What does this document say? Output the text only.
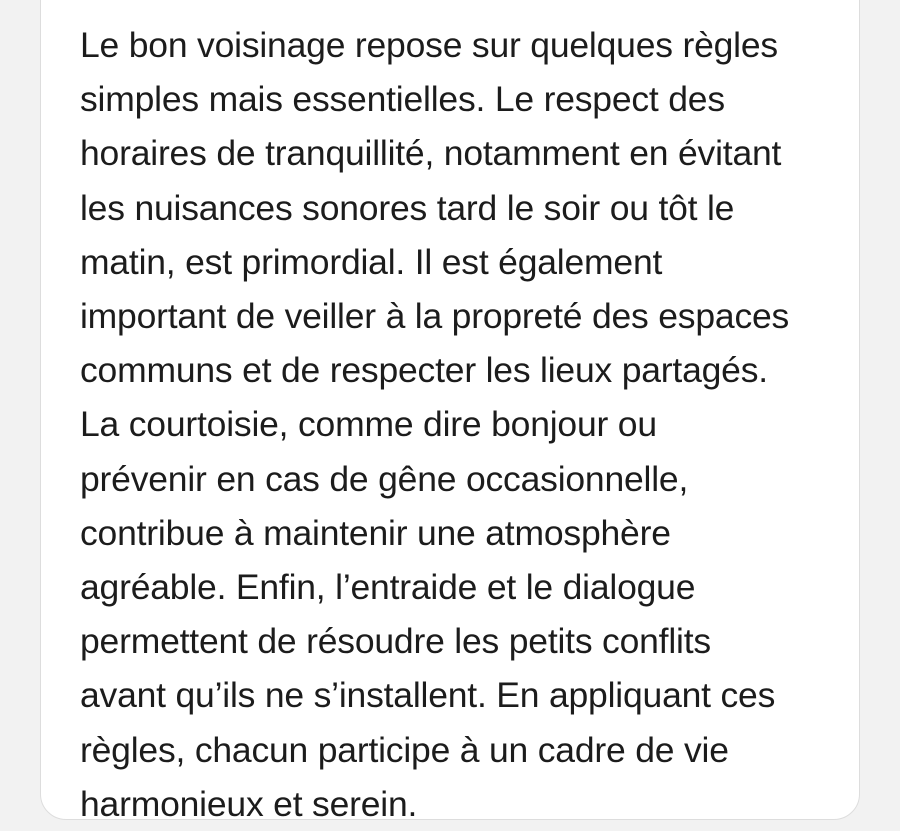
Le bon voisinage repose sur quelques règles
simples mais essentielles. Le respect des
horaires de tranquillité, notamment en évitant
les nuisances sonores tard le soir ou tôt le
matin, est primordial. Il est également
important de veiller à la propreté des espaces
communs et de respecter les lieux partagés.
La courtoisie, comme dire bonjour ou
prévenir en cas de gêne occasionnelle,
contribue à maintenir une atmosphère
agréable. Enfin, l’entraide et le dialogue
permettent de résoudre les petits conflits
avant qu’ils ne s’installent. En appliquant ces
règles, chacun participe à un cadre de vie
harmonieux et serein.
